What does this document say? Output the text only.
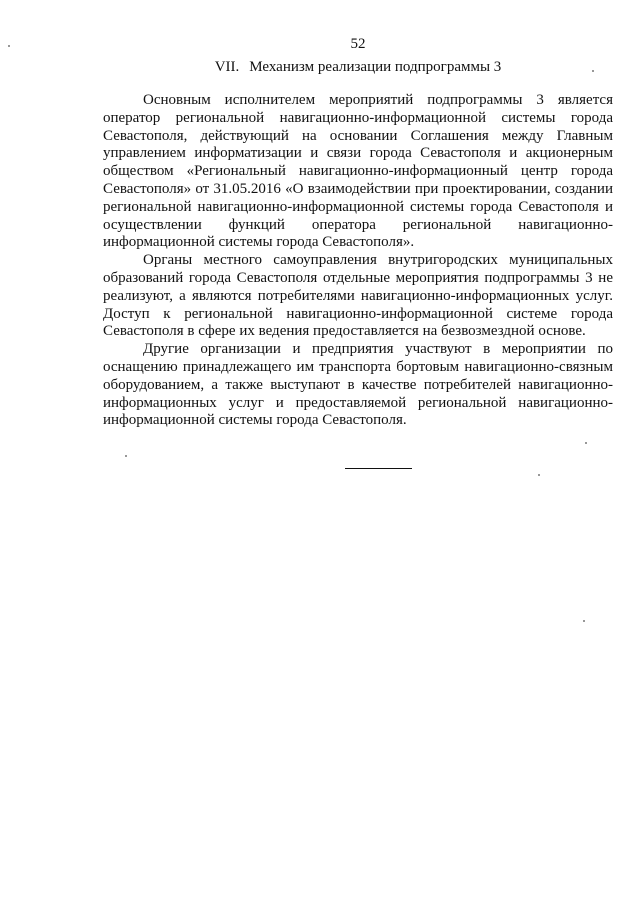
52
VII. Механизм реализации подпрограммы 3

Основным исполнителем мероприятий подпрограммы 3 является оператор региональной навигационно-информационной системы города Севастополя, действующий на основании Соглашения между Главным управлением информатизации и связи города Севастополя и акционерным обществом «Региональный навигационно-информационный центр города Севастополя» от 31.05.2016 «О взаимодействии при проектировании, создании региональной навигационно-информационной системы города Севастополя и осуществлении функций оператора региональной навигационно-информационной системы города Севастополя».

Органы местного самоуправления внутригородских муниципальных образований города Севастополя отдельные мероприятия подпрограммы 3 не реализуют, а являются потребителями навигационно-информационных услуг. Доступ к региональной навигационно-информационной системе города Севастополя в сфере их ведения предоставляется на безвозмездной основе.

Другие организации и предприятия участвуют в мероприятии по оснащению принадлежащего им транспорта бортовым навигационно-связным оборудованием, а также выступают в качестве потребителей навигационно-информационных услуг и предоставляемой региональной навигационно-информационной системы города Севастополя.
